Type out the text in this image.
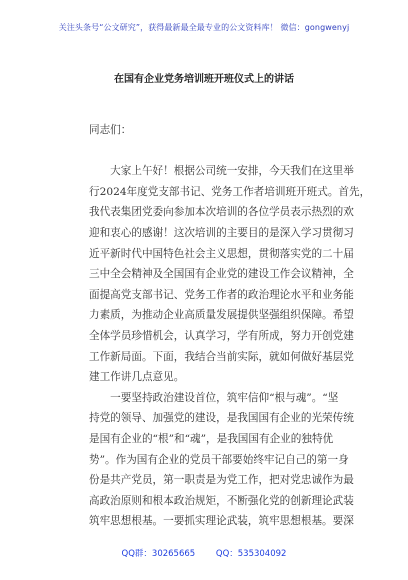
关注头条号“公文研究”，获得最新最全最专业的公文资料库！ 微信：gongwenyj
在国有企业党务培训班开班仪式上的讲话
同志们：

　　大家上午好！根据公司统一安排，今天我们在这里举
行2024年度党支部书记、党务工作者培训班开班式。首先，
我代表集团党委向参加本次培训的各位学员表示热烈的欢
迎和衷心的感谢！这次培训的主要目的是深入学习贯彻习
近平新时代中国特色社会主义思想，贯彻落实党的二十届
三中全会精神及全国国有企业党的建设工作会议精神，全
面提高党支部书记、党务工作者的政治理论水平和业务能
力素质，为推动企业高质量发展提供坚强组织保障。希望
全体学员珍惜机会，认真学习，学有所成，努力开创党建
工作新局面。下面，我结合当前实际，就如何做好基层党
建工作讲几点意见。
　　一要坚持政治建设首位，筑牢信仰“根与魂”。“坚
持党的领导、加强党的建设，是我国国有企业的光荣传统
是国有企业的“根”和“魂”，是我国国有企业的独特优
势”。作为国有企业的党员干部要始终牢记自己的第一身
份是共产党员，第一职责是为党工作，把对党忠诚作为最
高政治原则和根本政治规矩，不断强化党的创新理论武装
筑牢思想根基。一要抓实理论武装，筑牢思想根基。要深
QQ群：30265665 QQ：535304092
